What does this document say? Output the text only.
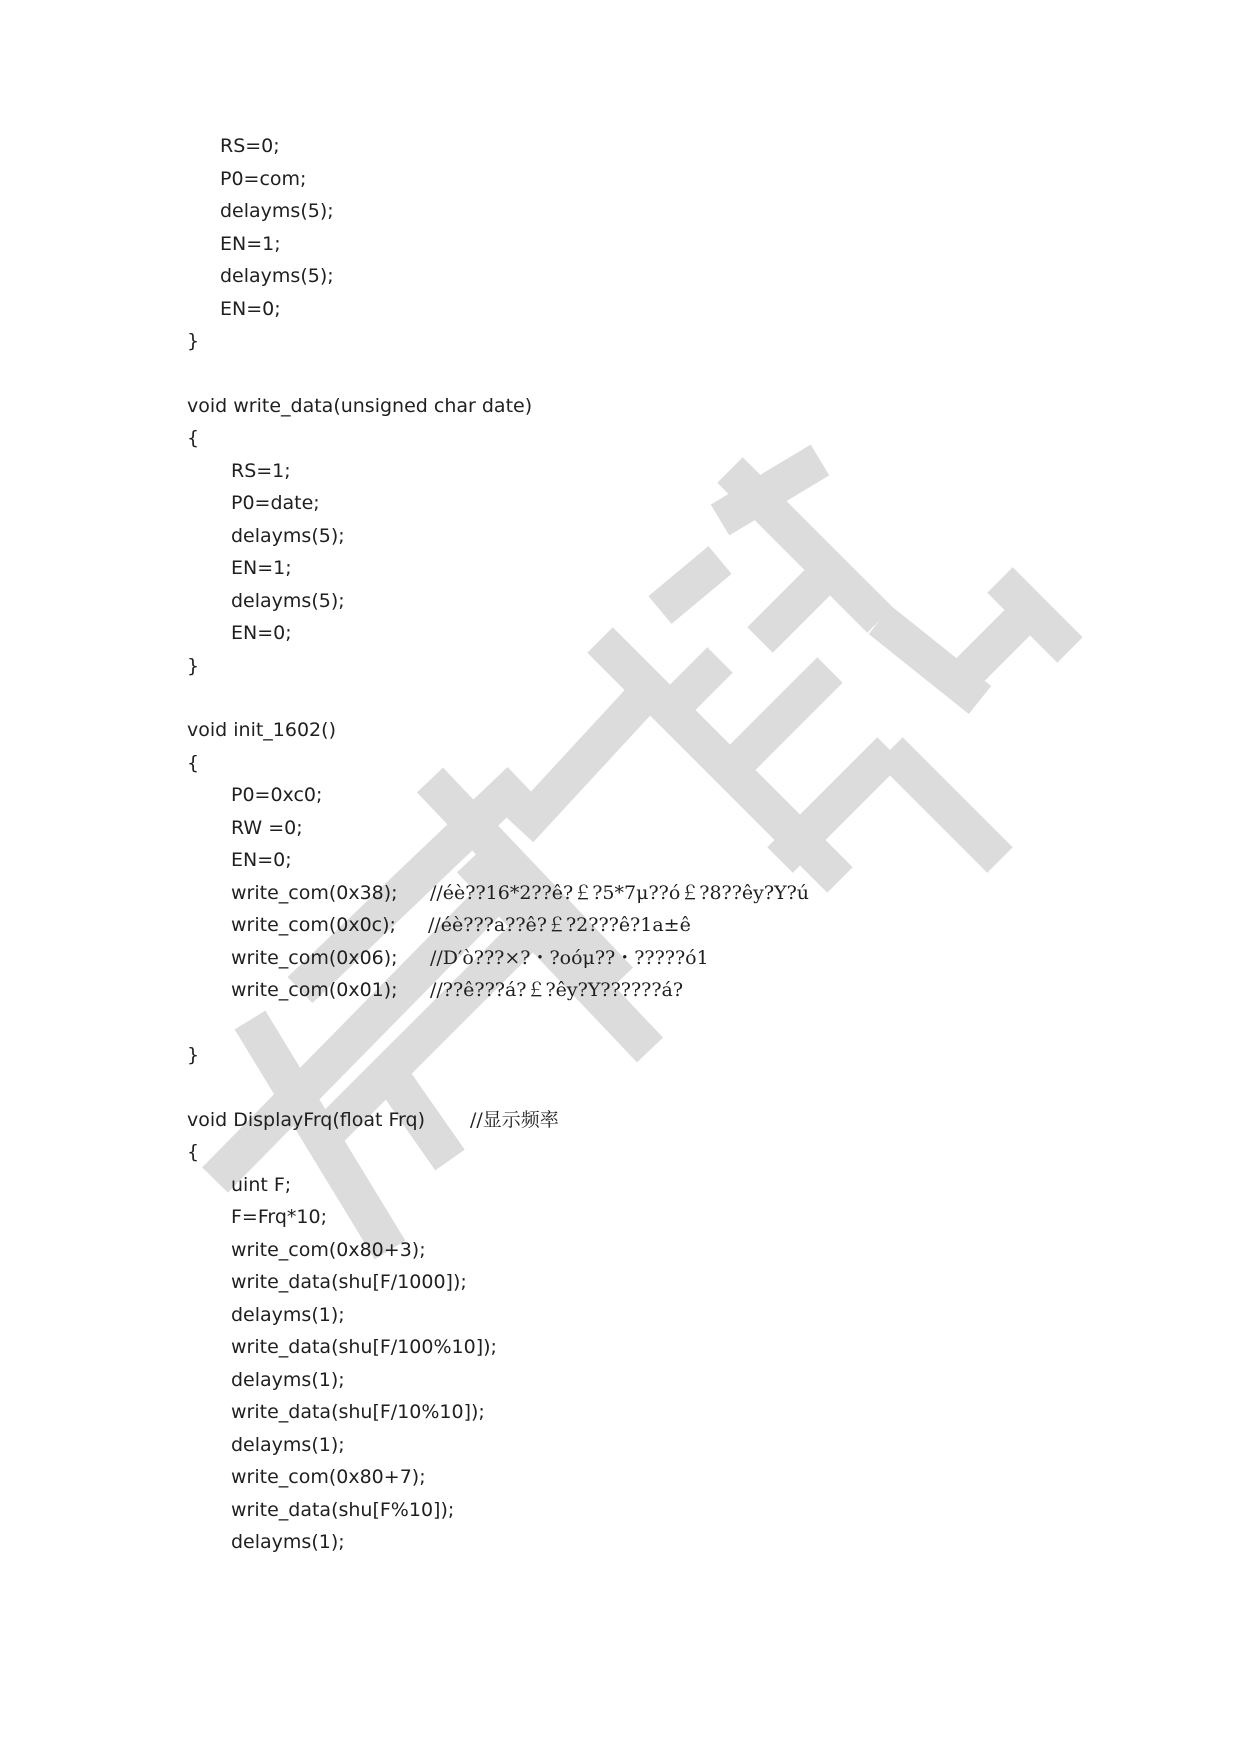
RS=0;
P0=com;
delayms(5);
EN=1;
delayms(5);
EN=0;
}
void write_data(unsigned char date)
{
RS=1;
P0=date;
delayms(5);
EN=1;
delayms(5);
EN=0;
}
void init_1602()
{
P0=0xc0;
RW =0;
EN=0;
write_com(0x38); //éè??16*2??ê?￡?5*7μ??ó￡?8??êy?Y?ú
write_com(0x0c); //éè???a??ê?￡?2???ê?1a±ê
write_com(0x06); //D′ò???×?・?oóμ??・?????ó1
write_com(0x01); //??ê???á?￡?êy?Y??????á?
}
void DisplayFrq(float Frq) //显示频率
{
uint F;
F=Frq*10;
write_com(0x80+3);
write_data(shu[F/1000]);
delayms(1);
write_data(shu[F/100%10]);
delayms(1);
write_data(shu[F/10%10]);
delayms(1);
write_com(0x80+7);
write_data(shu[F%10]);
delayms(1);
